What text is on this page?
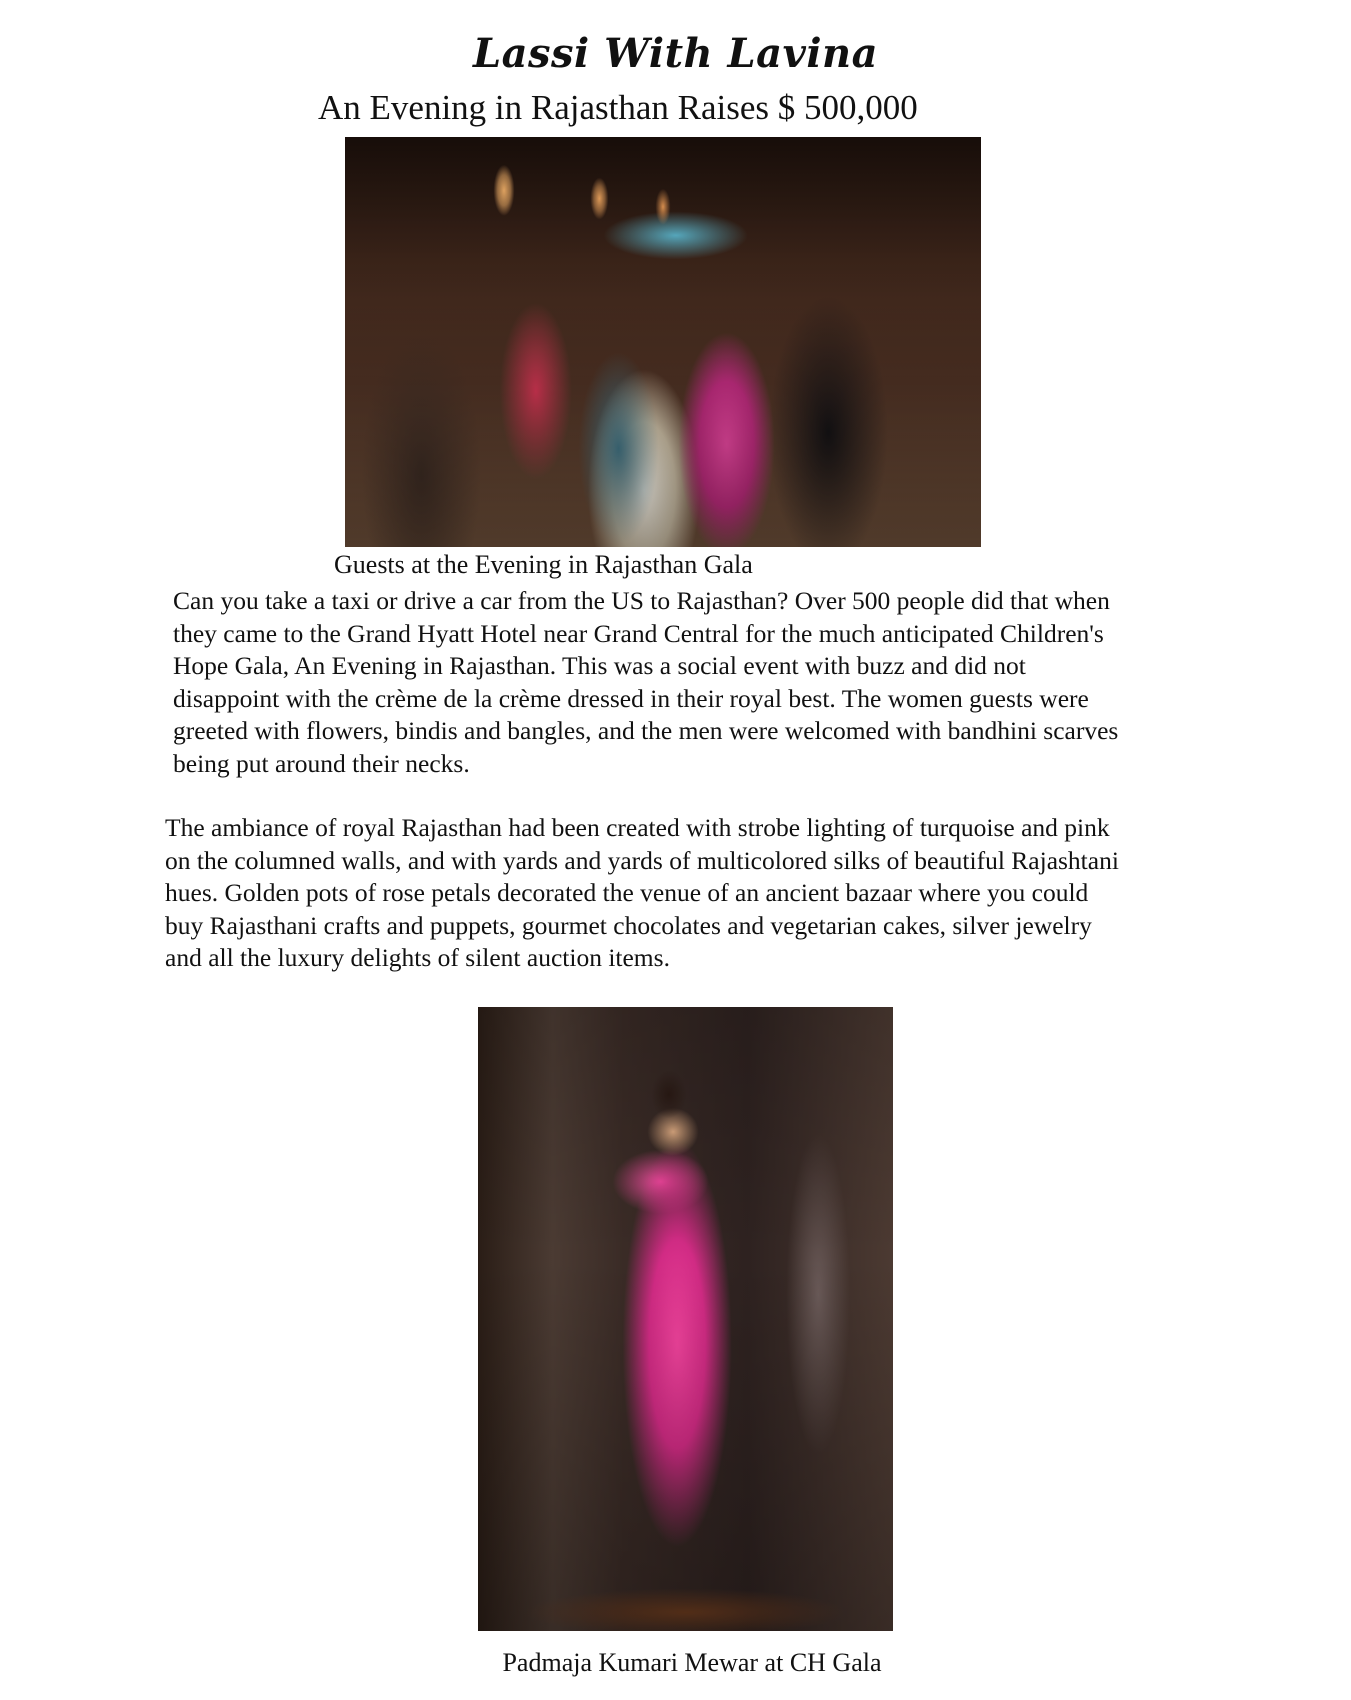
Lassi With Lavina
An Evening in Rajasthan Raises $ 500,000
Guests at the Evening in Rajasthan Gala

Can you take a taxi or drive a car from the US to Rajasthan? Over 500 people did that when
they came to the Grand Hyatt Hotel near Grand Central for the much anticipated Children's
Hope Gala, An Evening in Rajasthan. This was a social event with buzz and did not
disappoint with the crème de la crème dressed in their royal best. The women guests were
greeted with flowers, bindis and bangles, and the men were welcomed with bandhini scarves
being put around their necks.

The ambiance of royal Rajasthan had been created with strobe lighting of turquoise and pink
on the columned walls, and with yards and yards of multicolored silks of beautiful Rajashtani
hues. Golden pots of rose petals decorated the venue of an ancient bazaar where you could
buy Rajasthani crafts and puppets, gourmet chocolates and vegetarian cakes, silver jewelry
and all the luxury delights of silent auction items.

Padmaja Kumari Mewar at CH Gala
